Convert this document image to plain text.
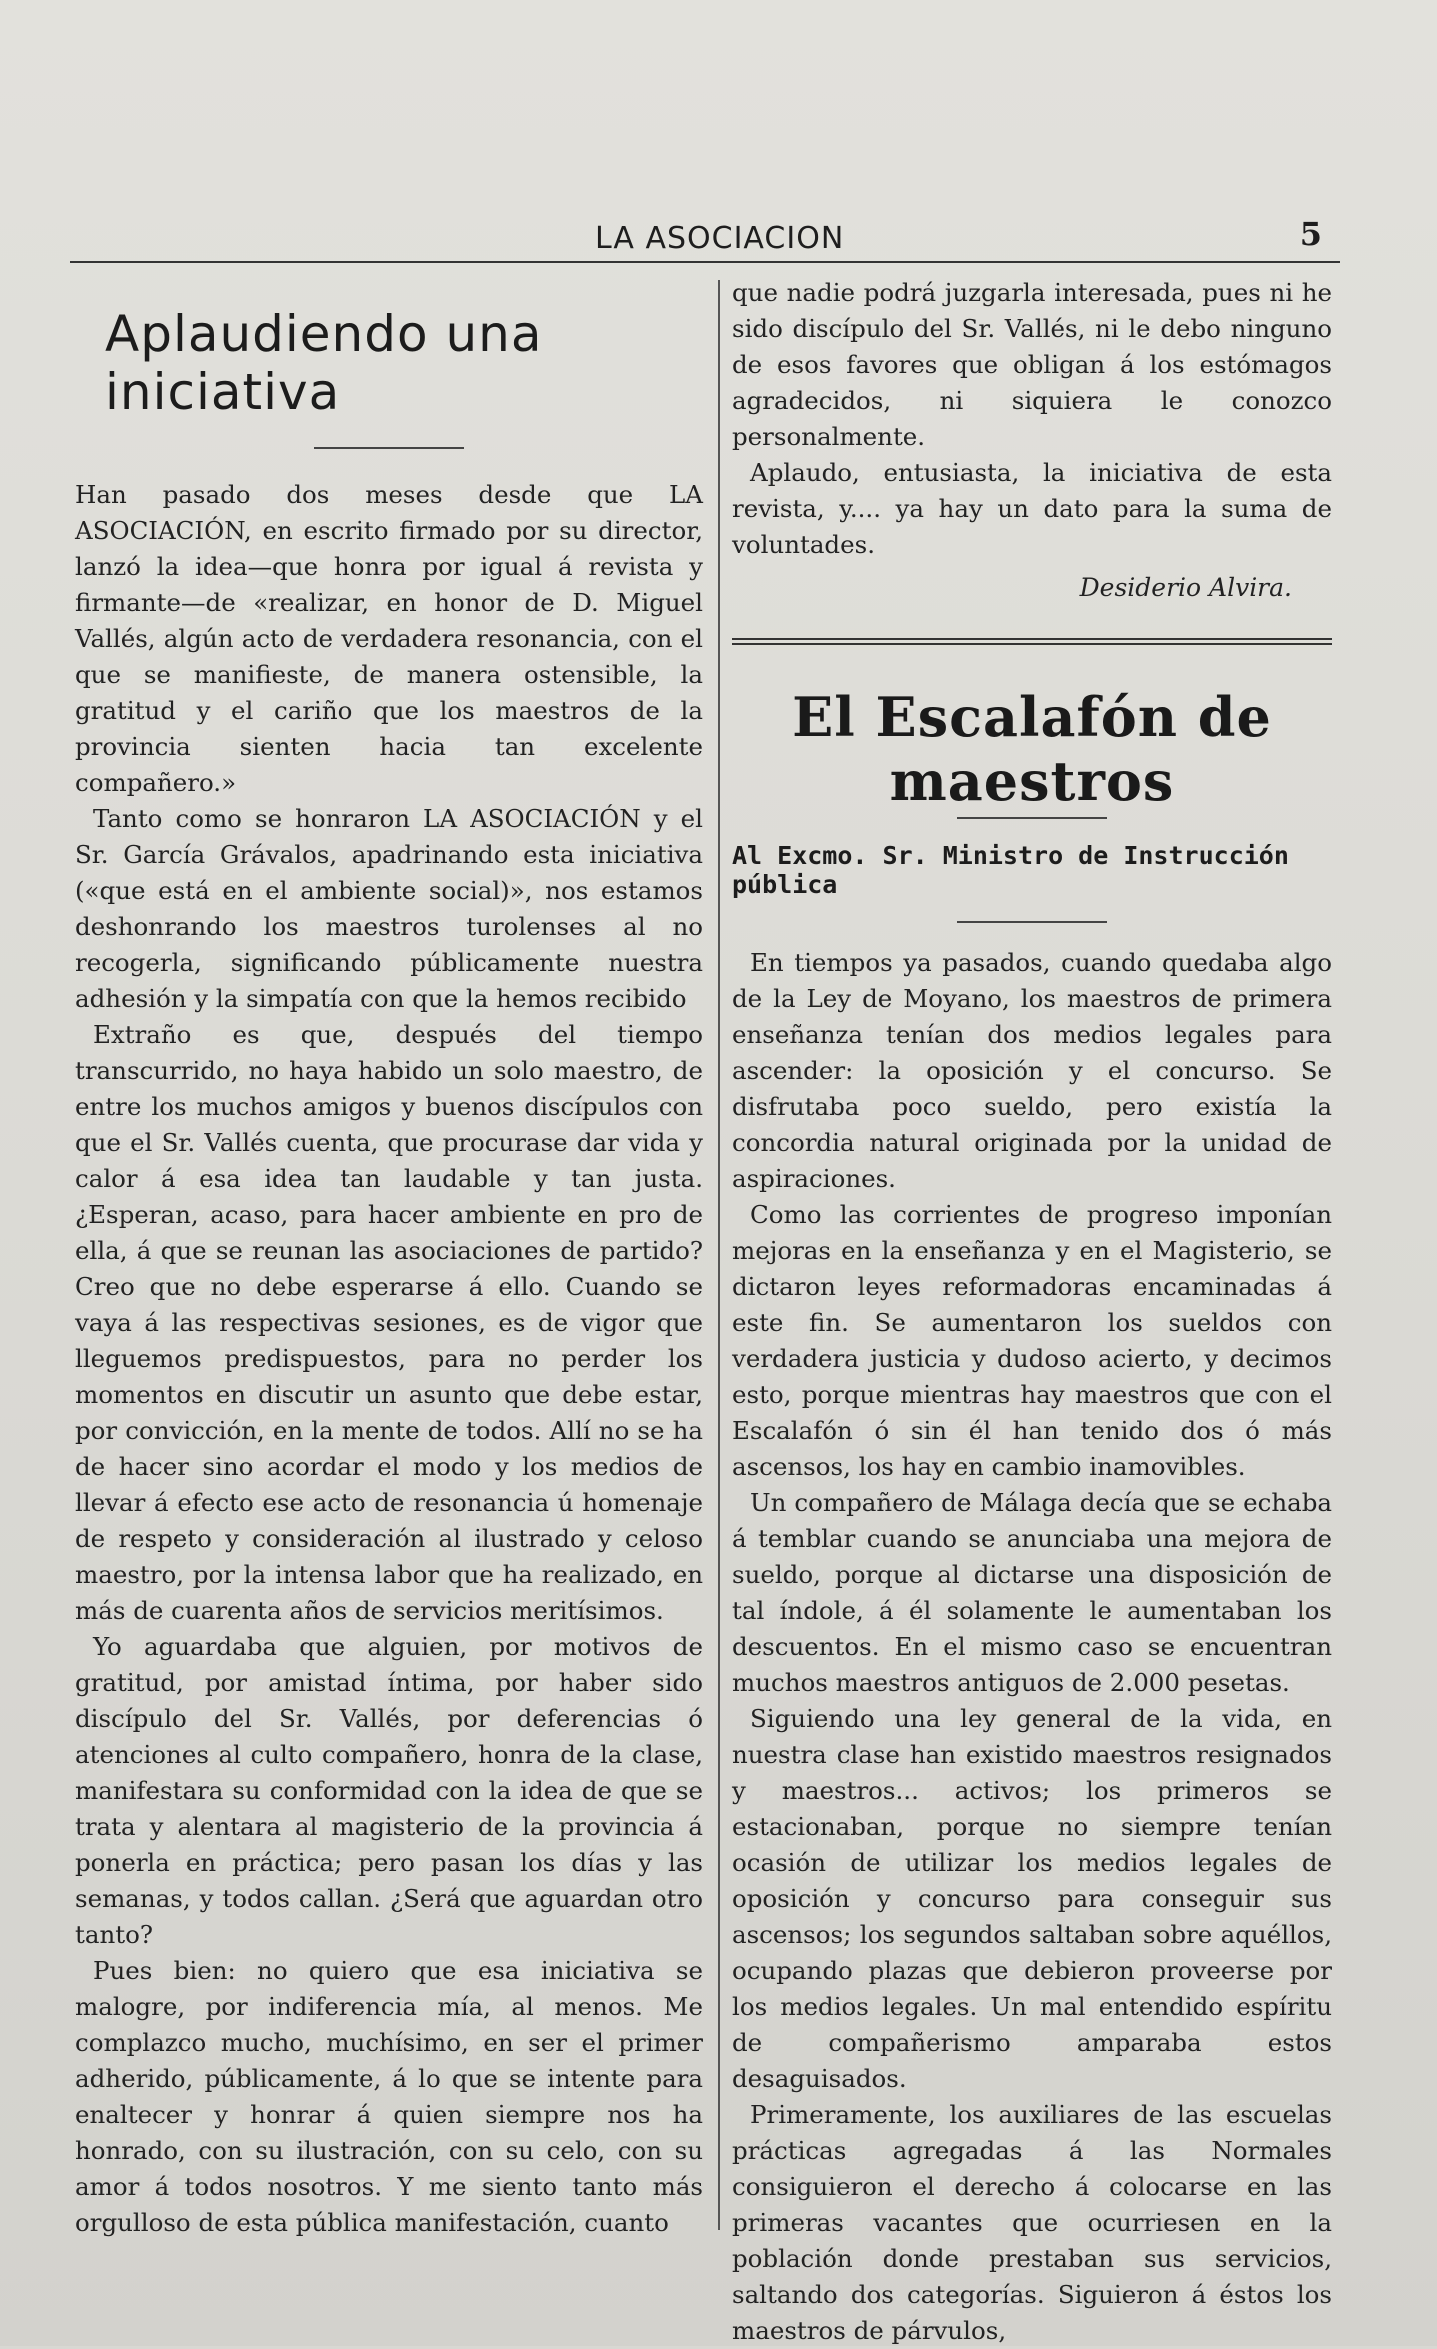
LA ASOCIACION	5
Aplaudiendo una iniciativa

Han pasado dos meses desde que LA ASOCIACIÓN, en escrito firmado por su director, lanzó la idea—que honra por igual á revista y firmante—de «realizar, en honor de D. Miguel Vallés, algún acto de verdadera resonancia, con el que se manifieste, de manera ostensible, la gratitud y el cariño que los maestros de la provincia sienten hacia tan excelente compañero.»

Tanto como se honraron LA ASOCIACIÓN y el Sr. García Grávalos, apadrinando esta iniciativa («que está en el ambiente social)», nos estamos deshonrando los maestros turolenses al no recogerla, significando públicamente nuestra adhesión y la simpatía con que la hemos recibido

Extraño es que, después del tiempo transcurrido, no haya habido un solo maestro, de entre los muchos amigos y buenos discípulos con que el Sr. Vallés cuenta, que procurase dar vida y calor á esa idea tan laudable y tan justa. ¿Esperan, acaso, para hacer ambiente en pro de ella, á que se reunan las asociaciones de partido? Creo que no debe esperarse á ello. Cuando se vaya á las respectivas sesiones, es de vigor que lleguemos predispuestos, para no perder los momentos en discutir un asunto que debe estar, por convicción, en la mente de todos. Allí no se ha de hacer sino acordar el modo y los medios de llevar á efecto ese acto de resonancia ú homenaje de respeto y consideración al ilustrado y celoso maestro, por la intensa labor que ha realizado, en más de cuarenta años de servicios meritísimos.

Yo aguardaba que alguien, por motivos de gratitud, por amistad íntima, por haber sido discípulo del Sr. Vallés, por deferencias ó atenciones al culto compañero, honra de la clase, manifestara su conformidad con la idea de que se trata y alentara al magisterio de la provincia á ponerla en práctica; pero pasan los días y las semanas, y todos callan. ¿Será que aguardan otro tanto?

Pues bien: no quiero que esa iniciativa se malogre, por indiferencia mía, al menos. Me complazco mucho, muchísimo, en ser el primer adherido, públicamente, á lo que se intente para enaltecer y honrar á quien siempre nos ha honrado, con su ilustración, con su celo, con su amor á todos nosotros. Y me siento tanto más orgulloso de esta pública manifestación, cuanto

que nadie podrá juzgarla interesada, pues ni he sido discípulo del Sr. Vallés, ni le debo ninguno de esos favores que obligan á los estómagos agradecidos, ni siquiera le conozco personalmente.

Aplaudo, entusiasta, la iniciativa de esta revista, y.... ya hay un dato para la suma de voluntades.

Desiderio Alvira.
El Escalafón de maestros
Al Excmo. Sr. Ministro de Instrucción pública

En tiempos ya pasados, cuando quedaba algo de la Ley de Moyano, los maestros de primera enseñanza tenían dos medios legales para ascender: la oposición y el concurso. Se disfrutaba poco sueldo, pero existía la concordia natural originada por la unidad de aspiraciones.

Como las corrientes de progreso imponían mejoras en la enseñanza y en el Magisterio, se dictaron leyes reformadoras encaminadas á este fin. Se aumentaron los sueldos con verdadera justicia y dudoso acierto, y decimos esto, porque mientras hay maestros que con el Escalafón ó sin él han tenido dos ó más ascensos, los hay en cambio inamovibles.

Un compañero de Málaga decía que se echaba á temblar cuando se anunciaba una mejora de sueldo, porque al dictarse una disposición de tal índole, á él solamente le aumentaban los descuentos. En el mismo caso se encuentran muchos maestros antiguos de 2.000 pesetas.

Siguiendo una ley general de la vida, en nuestra clase han existido maestros resignados y maestros... activos; los primeros se estacionaban, porque no siempre tenían ocasión de utilizar los medios legales de oposición y concurso para conseguir sus ascensos; los segundos saltaban sobre aquéllos, ocupando plazas que debieron proveerse por los medios legales. Un mal entendido espíritu de compañerismo amparaba estos desaguisados.

Primeramente, los auxiliares de las escuelas prácticas agregadas á las Normales consiguieron el derecho á colocarse en las primeras vacantes que ocurriesen en la población donde prestaban sus servicios, saltando dos categorías. Siguieron á éstos los maestros de párvulos,
